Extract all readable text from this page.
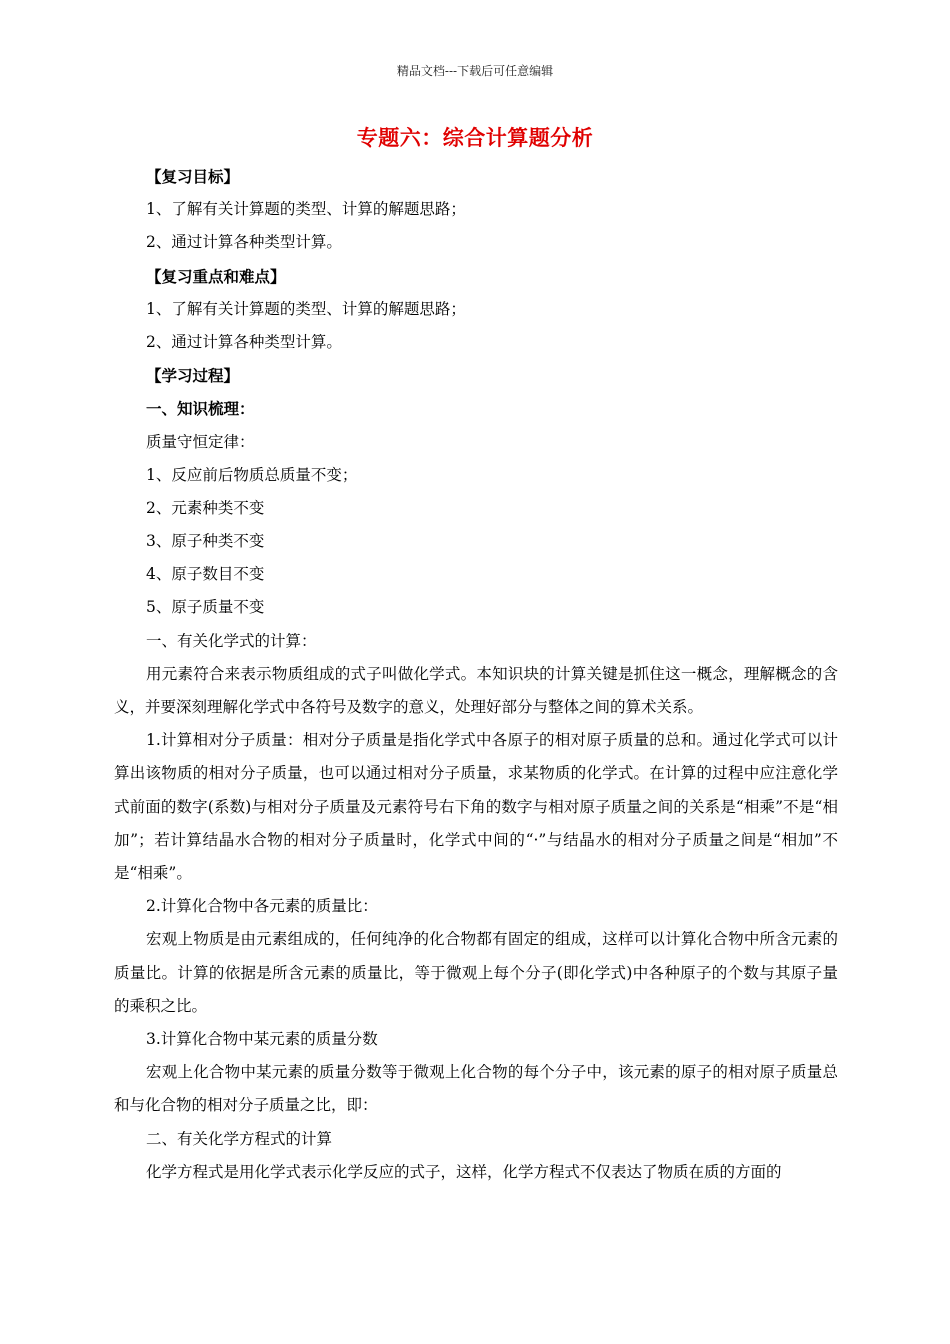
精品文档---下载后可任意编辑
专题六：综合计算题分析
【复习目标】
1、了解有关计算题的类型、计算的解题思路；
2、通过计算各种类型计算。
【复习重点和难点】
1、了解有关计算题的类型、计算的解题思路；
2、通过计算各种类型计算。
【学习过程】
一、知识梳理：
质量守恒定律：
1、反应前后物质总质量不变；
2、元素种类不变
3、原子种类不变
4、原子数目不变
5、原子质量不变
一、有关化学式的计算：

用元素符合来表示物质组成的式子叫做化学式。本知识块的计算关键是抓住这一概念，理解概念的含义，并要深刻理解化学式中各符号及数字的意义，处理好部分与整体之间的算术关系。

1.计算相对分子质量：相对分子质量是指化学式中各原子的相对原子质量的总和。通过化学式可以计算出该物质的相对分子质量，也可以通过相对分子质量，求某物质的化学式。在计算的过程中应注意化学式前面的数字(系数)与相对分子质量及元素符号右下角的数字与相对原子质量之间的关系是“相乘”不是“相加”；若计算结晶水合物的相对分子质量时，化学式中间的“·”与结晶水的相对分子质量之间是“相加”不是“相乘”。

2.计算化合物中各元素的质量比：

宏观上物质是由元素组成的，任何纯净的化合物都有固定的组成，这样可以计算化合物中所含元素的质量比。计算的依据是所含元素的质量比，等于微观上每个分子(即化学式)中各种原子的个数与其原子量的乘积之比。

3.计算化合物中某元素的质量分数

宏观上化合物中某元素的质量分数等于微观上化合物的每个分子中，该元素的原子的相对原子质量总和与化合物的相对分子质量之比，即：

二、有关化学方程式的计算

化学方程式是用化学式表示化学反应的式子，这样，化学方程式不仅表达了物质在质的方面的
